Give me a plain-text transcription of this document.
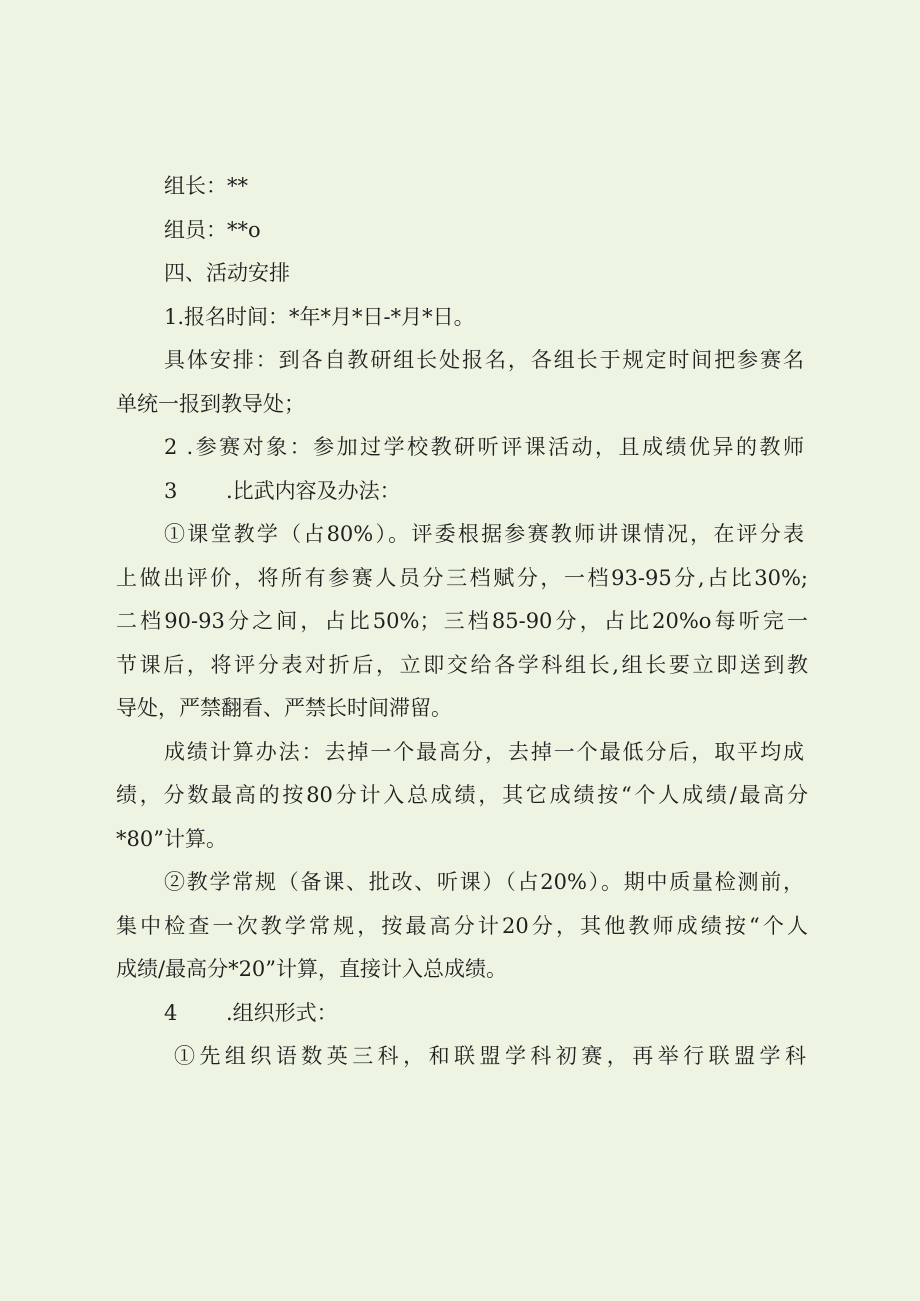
组长：**
组员：**o
四、活动安排
1.报名时间：*年*月*日-*月*日。
具体安排：到各自教研组长处报名，各组长于规定时间把参赛名
单统一报到教导处；
2 .参赛对象：参加过学校教研听评课活动，且成绩优异的教师
3	.比武内容及办法：
①课堂教学（占80%）。评委根据参赛教师讲课情况，在评分表
上做出评价，将所有参赛人员分三档赋分，一档93-95分,占比30%;
二档90-93分之间，占比50%；三档85-90分，占比20%o每听完一
节课后，将评分表对折后，立即交给各学科组长,组长要立即送到教
导处，严禁翻看、严禁长时间滞留。
成绩计算办法：去掉一个最高分，去掉一个最低分后，取平均成
绩，分数最高的按80分计入总成绩，其它成绩按“个人成绩/最高分
*80”计算。
②教学常规（备课、批改、听课）（占20%）。期中质量检测前，
集中检查一次教学常规，按最高分计20分，其他教师成绩按“个人
成绩/最高分*20”计算，直接计入总成绩。
4	.组织形式：
①先组织语数英三科，和联盟学科初赛，再举行联盟学科
